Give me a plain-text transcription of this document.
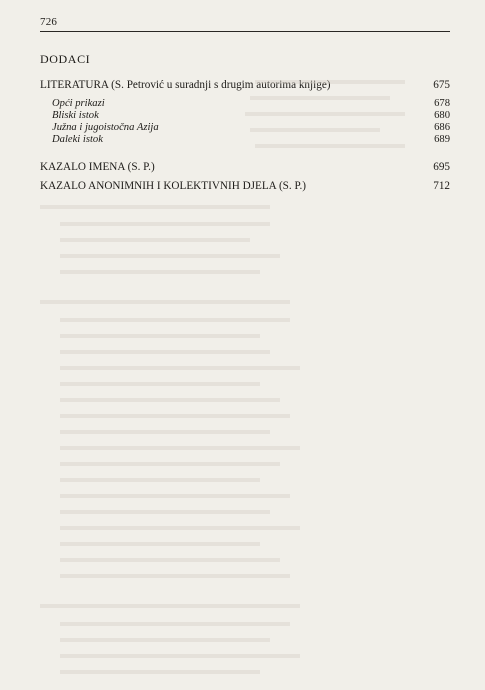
726
DODACI
LITERATURA (S. Petrović u suradnji s drugim autorima knjige)	675
Opći prikazi	678
Bliski istok	680
Južna i jugoistočna Azija	686
Daleki istok	689
KAZALO IMENA (S. P.)	695
KAZALO ANONIMNIH I KOLEKTIVNIH DJELA (S. P.)	712
